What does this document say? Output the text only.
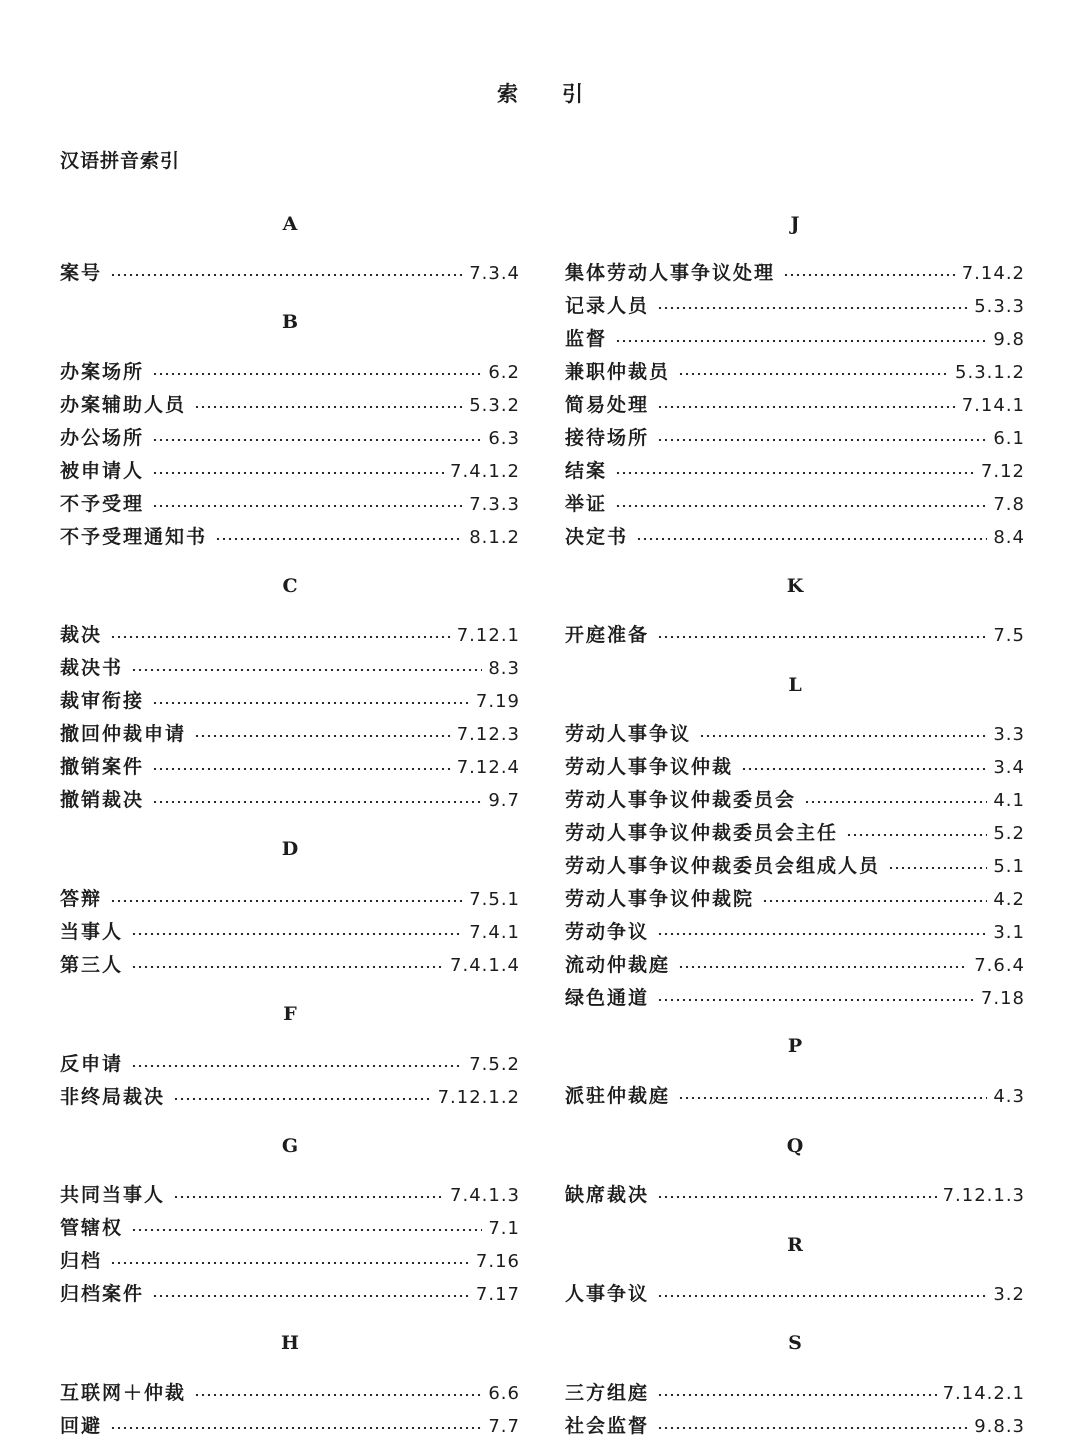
索引
汉语拼音索引
A
案号	7.3.4
B
办案场所	6.2
办案辅助人员	5.3.2
办公场所	6.3
被申请人	7.4.1.2
不予受理	7.3.3
不予受理通知书	8.1.2
C
裁决	7.12.1
裁决书	8.3
裁审衔接	7.19
撤回仲裁申请	7.12.3
撤销案件	7.12.4
撤销裁决	9.7
D
答辩	7.5.1
当事人	7.4.1
第三人	7.4.1.4
F
反申请	7.5.2
非终局裁决	7.12.1.2
G
共同当事人	7.4.1.3
管辖权	7.1
归档	7.16
归档案件	7.17
H
互联网＋仲裁	6.6
回避	7.7
J
集体劳动人事争议处理	7.14.2
记录人员	5.3.3
监督	9.8
兼职仲裁员	5.3.1.2
简易处理	7.14.1
接待场所	6.1
结案	7.12
举证	7.8
决定书	8.4
K
开庭准备	7.5
L
劳动人事争议	3.3
劳动人事争议仲裁	3.4
劳动人事争议仲裁委员会	4.1
劳动人事争议仲裁委员会主任	5.2
劳动人事争议仲裁委员会组成人员	5.1
劳动人事争议仲裁院	4.2
劳动争议	3.1
流动仲裁庭	7.6.4
绿色通道	7.18
P
派驻仲裁庭	4.3
Q
缺席裁决	7.12.1.3
R
人事争议	3.2
S
三方组庭	7.14.2.1
社会监督	9.8.3
